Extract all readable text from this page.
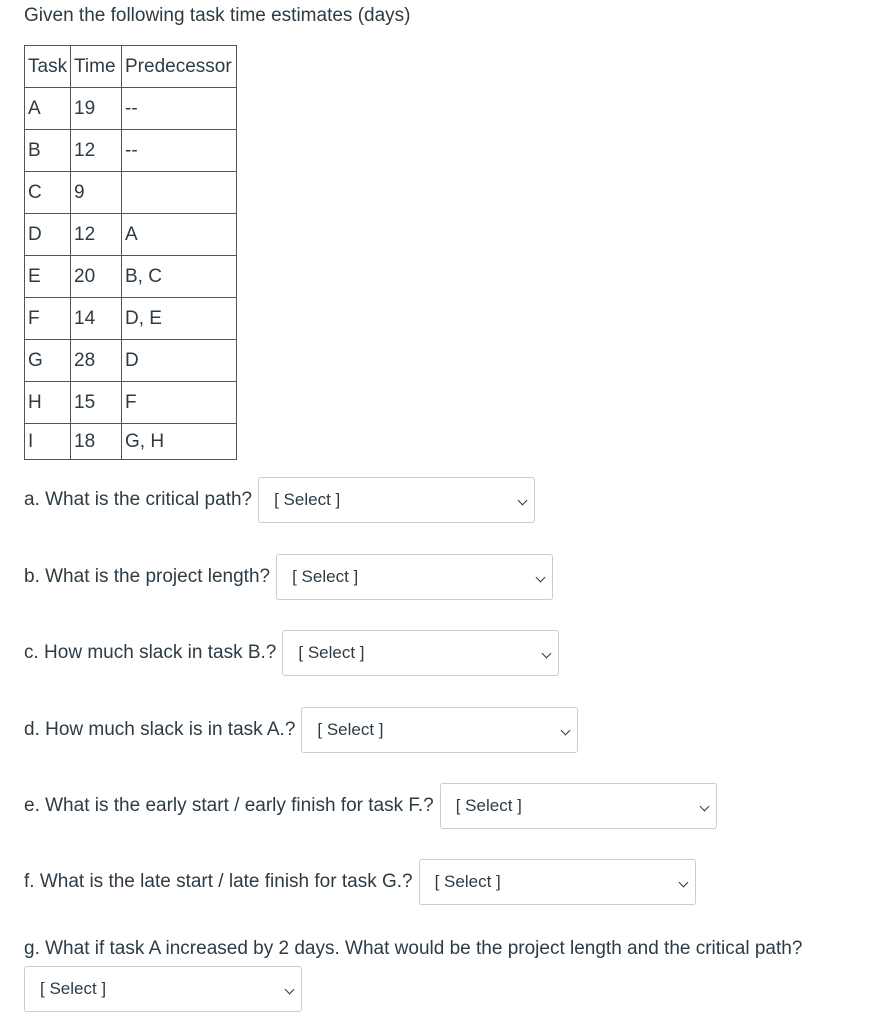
Given the following task time estimates (days)
Task	Time	Predecessor
A	19	--
B	12	--
C	9	
D	12	A
E	20	B, C
F	14	D, E
G	28	D
H	15	F
I	18	G, H
a. What is the critical path? [ Select ]
b. What is the project length? [ Select ]
c. How much slack in task B.? [ Select ]
d. How much slack is in task A.? [ Select ]
e. What is the early start / early finish for task F.? [ Select ]
f. What is the late start / late finish for task G.? [ Select ]
g. What if task A increased by 2 days. What would be the project length and the critical path?
[ Select ]
